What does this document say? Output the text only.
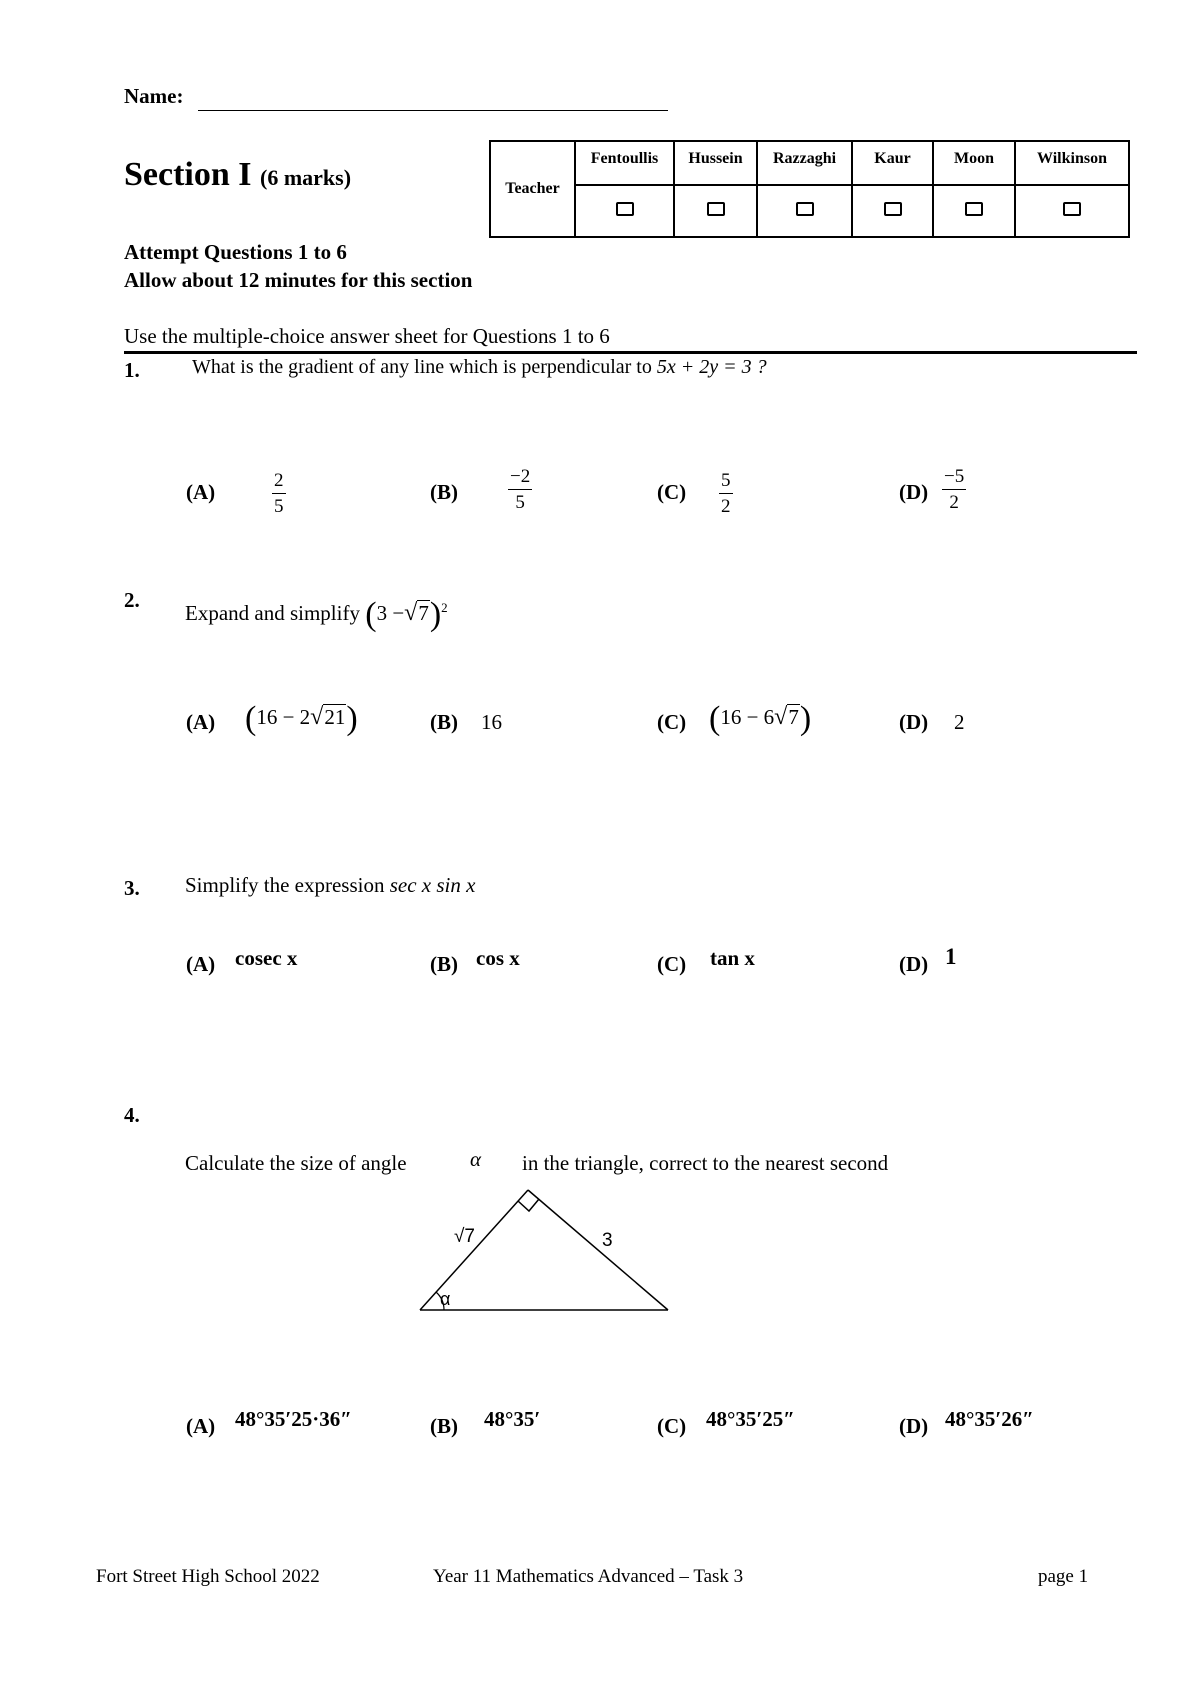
Name:
Section I (6 marks)	Teacher	Fentoullis	Hussein	Razzaghi	Kaur	Moon	Wilkinson

Attempt Questions 1 to 6
Allow about 12 minutes for this section
Use the multiple-choice answer sheet for Questions 1 to 6
1.	What is the gradient of any line which is perpendicular to 5x + 2y = 3 ?
(A)	$\frac{2}{5}$	(B)	$\frac{-2}{5}$	$(C) \frac{5}{2}$	$(D) \frac{-5}{2}$
2.
Expand and simplify $(3 -√7)^2$
(A) (16 − 2√21)	(B) 16	(C) (16 − 6√7)	(D) 2
3. Simplify the expression sec x sin x
(A) cosec x	(B) cos x	(C) tan x	(D) 1
4.
Calculate the size of angle	α in the triangle, correct to the nearest second
√7	3
α
(A) 48°35′25·36″	(B) 48°35′	(C) 48°35′25″	(D) 48°35′26″
Fort Street High School 2022	Year 11 Mathematics Advanced – Task 3	page 1
